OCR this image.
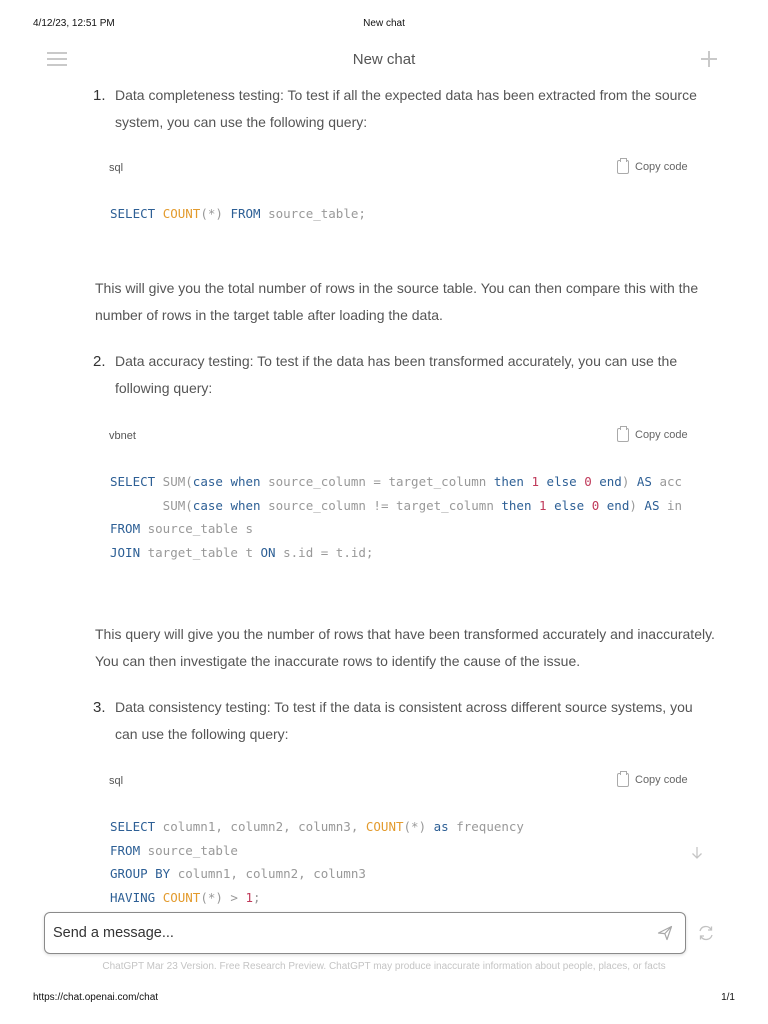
4/12/23, 12:51 PM	New chat
New chat
1. Data completeness testing: To test if all the expected data has been extracted from the source system, you can use the following query:
sql	Copy code
SELECT COUNT(*) FROM source_table;
This will give you the total number of rows in the source table. You can then compare this with the number of rows in the target table after loading the data.
2. Data accuracy testing: To test if the data has been transformed accurately, you can use the following query:
vbnet	Copy code
SELECT SUM(case when source_column = target_column then 1 else 0 end) AS acc
SUM(case when source_column != target_column then 1 else 0 end) AS in
FROM source_table s
JOIN target_table t ON s.id = t.id;
This query will give you the number of rows that have been transformed accurately and inaccurately. You can then investigate the inaccurate rows to identify the cause of the issue.
3. Data consistency testing: To test if the data is consistent across different source systems, you can use the following query:
sql	Copy code
SELECT column1, column2, column3, COUNT(*) as frequency
FROM source_table
GROUP BY column1, column2, column3
HAVING COUNT(*) > 1;
Send a message...
ChatGPT Mar 23 Version. Free Research Preview. ChatGPT may produce inaccurate information about people, places, or facts
https://chat.openai.com/chat	1/1
